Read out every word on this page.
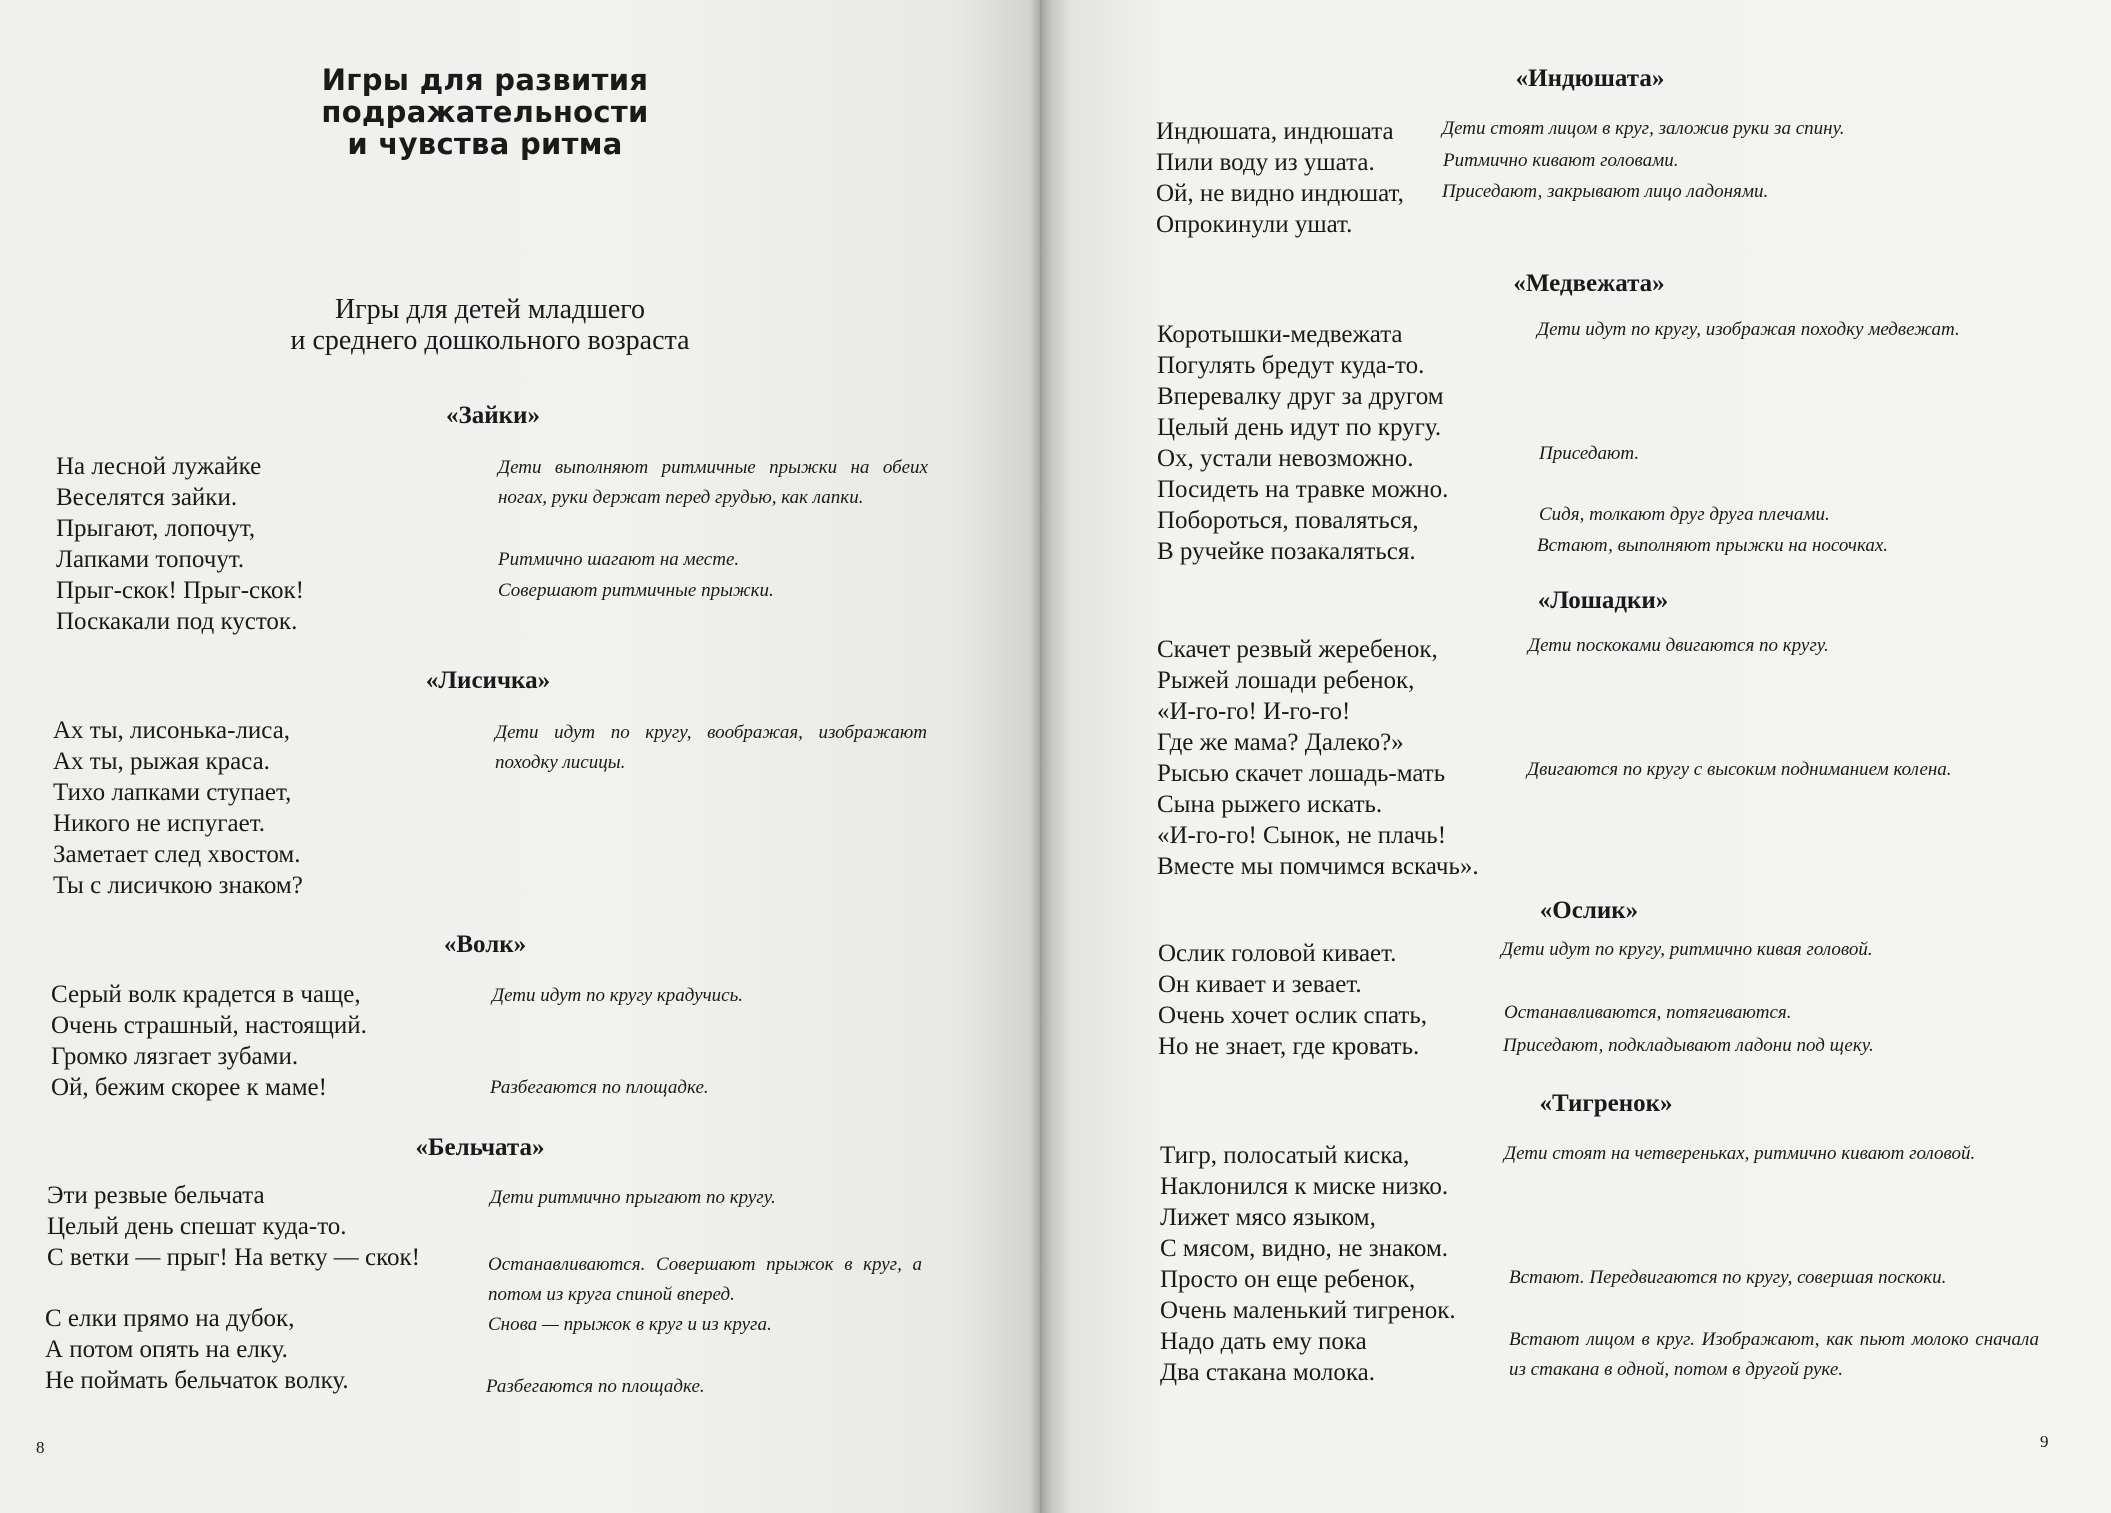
Игры для развития подражательности
и чувства ритма
Игры для детей младшего
и среднего дошкольного возраста
«Зайки»
На лесной лужайке
Веселятся зайки.
Прыгают, лопочут,
Лапками топочут.
Прыг-скок! Прыг-скок!
Поскакали под кусток.
Дети выполняют ритмичные прыжки на обеих ногах, руки держат перед грудью, как лапки.
Ритмично шагают на месте.
Совершают ритмичные прыжки.
«Лисичка»
Ах ты, лисонька-лиса,
Ах ты, рыжая краса.
Тихо лапками ступает,
Никого не испугает.
Заметает след хвостом.
Ты с лисичкою знаком?
Дети идут по кругу, воображая, изображают походку лисицы.
«Волк»
Серый волк крадется в чаще,
Очень страшный, настоящий.
Громко лязгает зубами.
Ой, бежим скорее к маме!
Дети идут по кругу крадучись.
Разбегаются по площадке.
«Бельчата»
Эти резвые бельчата
Целый день спешат куда-то.
С ветки — прыг! На ветку — скок!
С елки прямо на дубок,
А потом опять на елку.
Не поймать бельчаток волку.
Дети ритмично прыгают по кругу.
Останавливаются. Совершают прыжок в круг, а потом из круга спиной вперед.
Снова — прыжок в круг и из круга.
Разбегаются по площадке.
8
«Индюшата»
Индюшата, индюшата
Пили воду из ушата.
Ой, не видно индюшат,
Опрокинули ушат.
Дети стоят лицом в круг, заложив руки за спину.
Ритмично кивают головами.
Приседают, закрывают лицо ладонями.
«Медвежата»
Коротышки-медвежата
Погулять бредут куда-то.
Вперевалку друг за другом
Целый день идут по кругу.
Ох, устали невозможно.
Посидеть на травке можно.
Побороться, поваляться,
В ручейке позакаляться.
Дети идут по кругу, изображая походку медвежат.
Приседают.
Сидя, толкают друг друга плечами.
Встают, выполняют прыжки на носочках.
«Лошадки»
Скачет резвый жеребенок,
Рыжей лошади ребенок,
«И-го-го! И-го-го!
Где же мама? Далеко?»
Рысью скачет лошадь-мать
Сына рыжего искать.
«И-го-го! Сынок, не плачь!
Вместе мы помчимся вскачь».
Дети поскоками двигаются по кругу.
Двигаются по кругу с высоким подниманием колена.
«Ослик»
Ослик головой кивает.
Он кивает и зевает.
Очень хочет ослик спать,
Но не знает, где кровать.
Дети идут по кругу, ритмично кивая головой.
Останавливаются, потягиваются.
Приседают, подкладывают ладони под щеку.
«Тигренок»
Тигр, полосатый киска,
Наклонился к миске низко.
Лижет мясо языком,
С мясом, видно, не знаком.
Просто он еще ребенок,
Очень маленький тигренок.
Надо дать ему пока
Два стакана молока.
Дети стоят на четвереньках, ритмично кивают головой.
Встают. Передвигаются по кругу, совершая поскоки.
Встают лицом в круг. Изображают, как пьют молоко сначала из стакана в одной, потом в другой руке.
9
